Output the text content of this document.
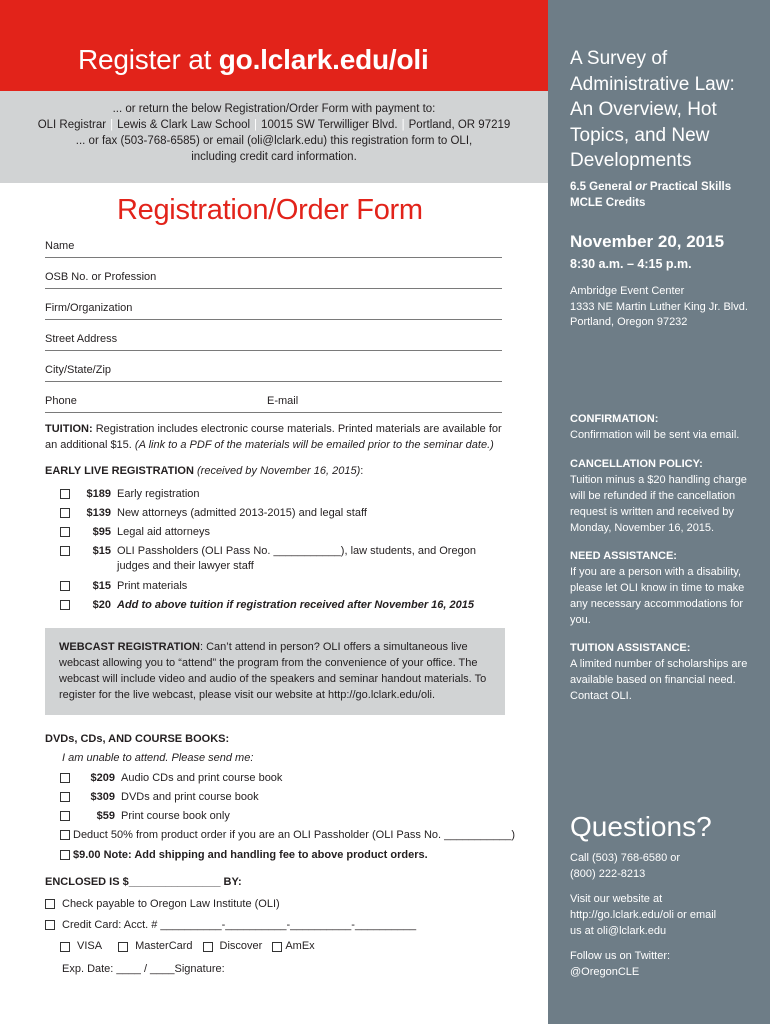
Register at go.lclark.edu/oli
... or return the below Registration/Order Form with payment to:
OLI Registrar | Lewis & Clark Law School | 10015 SW Terwilliger Blvd. | Portland, OR 97219
... or fax (503-768-6585) or email (oli@lclark.edu) this registration form to OLI,
including credit card information.
Registration/Order Form
Name
OSB No. or Profession
Firm/Organization
Street Address
City/State/Zip
Phone	E-mail
TUITION: Registration includes electronic course materials. Printed materials are available for an additional $15. (A link to a PDF of the materials will be emailed prior to the seminar date.)
EARLY LIVE REGISTRATION (received by November 16, 2015):
$189 Early registration
$139 New attorneys (admitted 2013-2015) and legal staff
$95 Legal aid attorneys
$15 OLI Passholders (OLI Pass No. ___________), law students, and Oregon judges and their lawyer staff
$15 Print materials
$20 Add to above tuition if registration received after November 16, 2015
WEBCAST REGISTRATION: Can’t attend in person? OLI offers a simultaneous live webcast allowing you to “attend” the program from the convenience of your office. The webcast will include video and audio of the speakers and seminar handout materials. To register for the live webcast, please visit our website at http://go.lclark.edu/oli.
DVDs, CDs, AND COURSE BOOKS:
I am unable to attend. Please send me:
$209 Audio CDs and print course book
$309 DVDs and print course book
$59 Print course book only
Deduct 50% from product order if you are an OLI Passholder (OLI Pass No. ___________)
$9.00 Note: Add shipping and handling fee to above product orders.
ENCLOSED IS $_______________ BY:
Check payable to Oregon Law Institute (OLI)
Credit Card: Acct. # __________-__________-__________-__________
VISA	MasterCard Discover AmEx
Exp. Date: ____ / ____Signature:
A Survey of Administrative Law: An Overview, Hot Topics, and New Developments
6.5 General or Practical Skills MCLE Credits
November 20, 2015
8:30 a.m. – 4:15 p.m.
Ambridge Event Center
1333 NE Martin Luther King Jr. Blvd.
Portland, Oregon 97232
CONFIRMATION:
Confirmation will be sent via email.
CANCELLATION POLICY:
Tuition minus a $20 handling charge will be refunded if the cancellation request is written and received by Monday, November 16, 2015.
NEED ASSISTANCE:
If you are a person with a disability, please let OLI know in time to make any necessary accommodations for you.
TUITION ASSISTANCE:
A limited number of scholarships are available based on financial need. Contact OLI.
Questions?
Call (503) 768-6580 or (800) 222-8213
Visit our website at http://go.lclark.edu/oli or email us at oli@lclark.edu
Follow us on Twitter: @OregonCLE
